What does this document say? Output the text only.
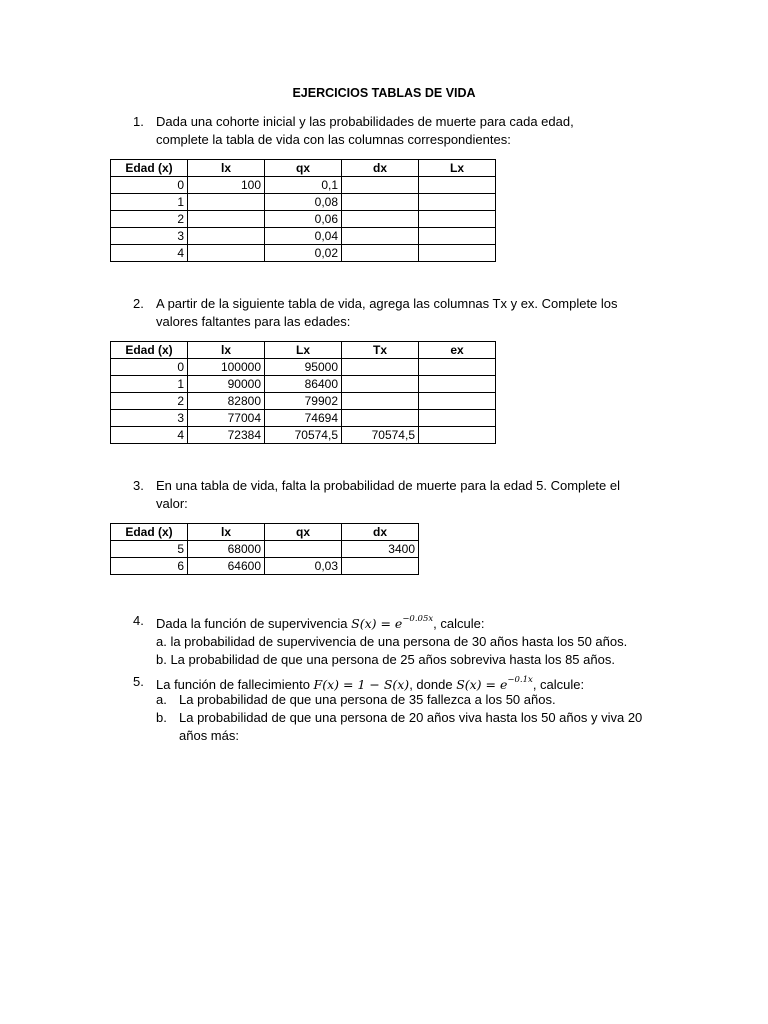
EJERCICIOS TABLAS DE VIDA
1. Dada una cohorte inicial y las probabilidades de muerte para cada edad,
complete la tabla de vida con las columnas correspondientes:
Edad (x)	lx	qx	dx	Lx
0	100	0,1		
1		0,08		
2		0,06		
3		0,04		
4		0,02		
2. A partir de la siguiente tabla de vida, agrega las columnas Tx y ex. Complete los
valores faltantes para las edades:
Edad (x)	lx	Lx	Tx	ex
0	100000	95000		
1	90000	86400		
2	82800	79902		
3	77004	74694		
4	72384	70574,5	70574,5	
3. En una tabla de vida, falta la probabilidad de muerte para la edad 5. Complete el
valor:
Edad (x)	lx	qx	dx
5	68000		3400
6	64600	0,03	
4. Dada la función de supervivencia $S(x) = e^{-0.05x}$, calcule:
a. la probabilidad de supervivencia de una persona de 30 años hasta los 50 años.
b. La probabilidad de que una persona de 25 años sobreviva hasta los 85 años.
5. La función de fallecimiento F(x) = 1 − S(x), donde $S(x) = e^{-0.1x}$, calcule:
a. La probabilidad de que una persona de 35 fallezca a los 50 años.
b. La probabilidad de que una persona de 20 años viva hasta los 50 años y viva 20
años más:
